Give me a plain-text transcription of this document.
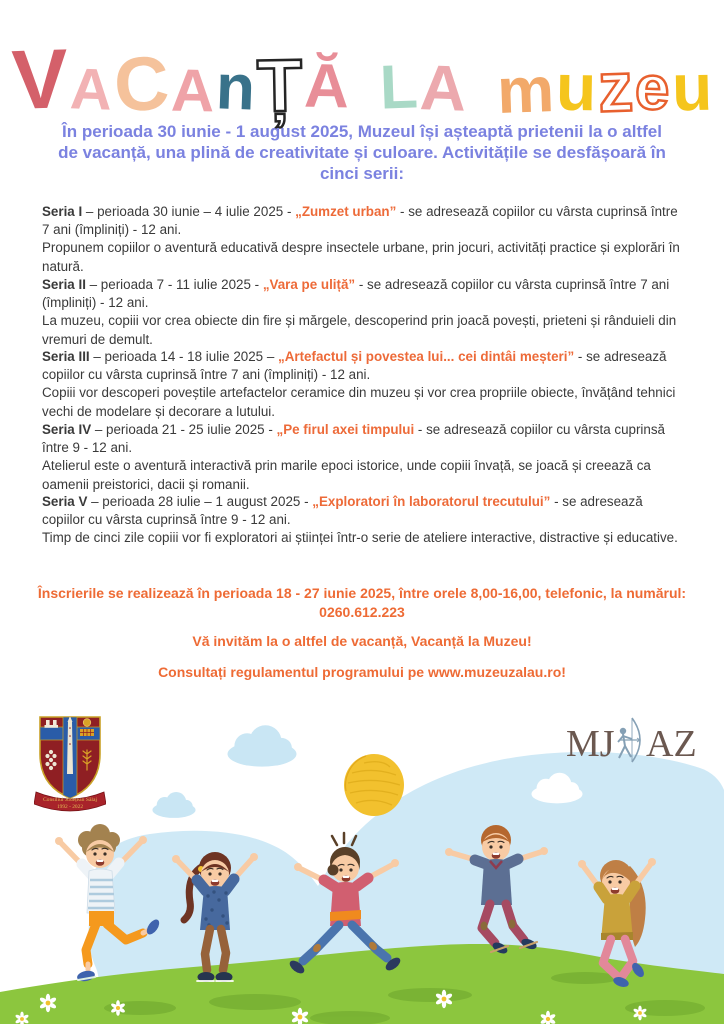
V A
C A n Ț Ă L A m u z e u
În perioada 30 iunie - 1 august 2025, Muzeul își așteaptă prietenii la o altfel de vacanță, una plină de creativitate și culoare. Activitățile se desfășoară în cinci serii:
Seria I – perioada 30 iunie – 4 iulie 2025 - „Zumzet urban” - se adresează copiilor cu vârsta cuprinsă între 7 ani (împliniți) - 12 ani.
Propunem copiilor o aventură educativă despre insectele urbane, prin jocuri, activități practice și explorări în natură.
Seria II – perioada 7 - 11 iulie 2025 - „Vara pe uliță” - se adresează copiilor cu vârsta cuprinsă între 7 ani (împliniți) - 12 ani.
La muzeu, copiii vor crea obiecte din fire și mărgele, descoperind prin joacă povești, prieteni și rânduieli din vremuri de demult.
Seria III – perioada 14 - 18 iulie 2025 – „Artefactul și povestea lui... cei dintâi meșteri” - se adresează copiilor cu vârsta cuprinsă între 7 ani (împliniți) - 12 ani.
Copiii vor descoperi poveștile artefactelor ceramice din muzeu și vor crea propriile obiecte, învățând tehnici vechi de modelare și decorare a lutului.
Seria IV – perioada 21 - 25 iulie 2025 - „Pe firul axei timpului - se adresează copiilor cu vârsta cuprinsă între 9 - 12 ani.
Atelierul este o aventură interactivă prin marile epoci istorice, unde copiii învață, se joacă și creează ca oamenii preistorici, dacii și romanii.
Seria V – perioada 28 iulie – 1 august 2025 - „Exploratori în laboratorul trecutului” - se adresează copiilor cu vârsta cuprinsă între 9 - 12 ani.
Timp de cinci zile copiii vor fi exploratori ai științei într-o serie de ateliere interactive, distractive și educative.
Înscrierile se realizează în perioada 18 - 27 iunie 2025, între orele 8,00-16,00, telefonic, la numărul: 0260.612.223
Vă invităm la o altfel de vacanță, Vacanță la Muzeu!
Consultați regulamentul programului pe www.muzeuzalau.ro!
Consiliul Județean Sălaj
1992 - 2022
MJ AZ
